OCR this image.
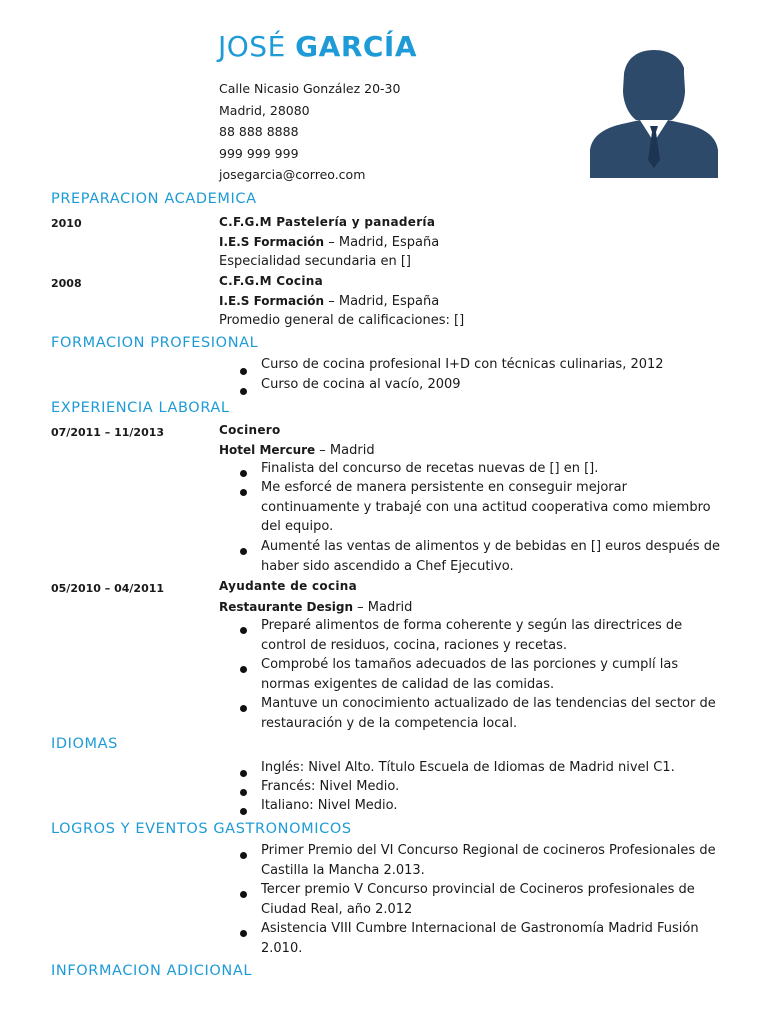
JOSÉ GARCÍA
Calle Nicasio González 20-30
Madrid, 28080
88 888 8888
999 999 999
josegarcia@correo.com
PREPARACION ACADEMICA
2010	C.F.G.M Pastelería y panadería
I.E.S Formación – Madrid, España
Especialidad secundaria en []
2008	C.F.G.M Cocina
I.E.S Formación – Madrid, España
Promedio general de calificaciones: []
FORMACION PROFESIONAL
Curso de cocina profesional I+D con técnicas culinarias, 2012
Curso de cocina al vacío, 2009
EXPERIENCIA LABORAL
07/2011 – 11/2013	Cocinero
Hotel Mercure – Madrid
Finalista del concurso de recetas nuevas de [] en [].
Me esforcé de manera persistente en conseguir mejorar continuamente y trabajé con una actitud cooperativa como miembro del equipo.
Aumenté las ventas de alimentos y de bebidas en [] euros después de haber sido ascendido a Chef Ejecutivo.
05/2010 – 04/2011	Ayudante de cocina
Restaurante Design – Madrid
Preparé alimentos de forma coherente y según las directrices de control de residuos, cocina, raciones y recetas.
Comprobé los tamaños adecuados de las porciones y cumplí las normas exigentes de calidad de las comidas.
Mantuve un conocimiento actualizado de las tendencias del sector de restauración y de la competencia local.
IDIOMAS
Inglés: Nivel Alto. Título Escuela de Idiomas de Madrid nivel C1.
Francés: Nivel Medio.
Italiano: Nivel Medio.
LOGROS Y EVENTOS GASTRONOMICOS
Primer Premio del VI Concurso Regional de cocineros Profesionales de Castilla la Mancha 2.013.
Tercer premio V Concurso provincial de Cocineros profesionales de Ciudad Real, año 2.012
Asistencia VIII Cumbre Internacional de Gastronomía Madrid Fusión 2.010.
INFORMACION ADICIONAL
